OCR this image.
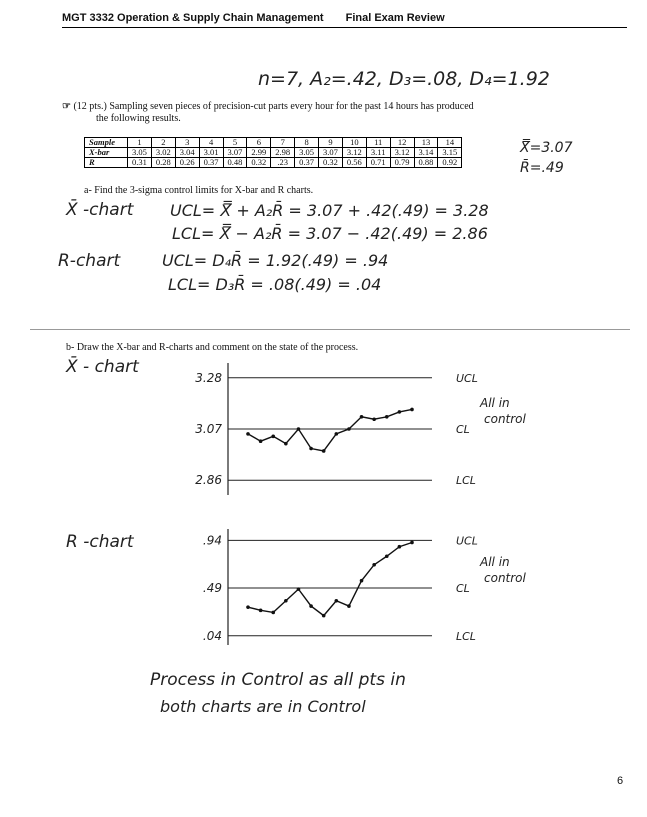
MGT 3332 Operation & Supply Chain Management Final Exam Review
n=7, A₂=.42, D₃=.08, D₄=1.92
☞ (12 pts.) Sampling seven pieces of precision-cut parts every hour for the past 14 hours has produced
the following results.
Sample	1	2	3	4	5	6	7	8	9	10	11	12	13	14
X-bar	3.05	3.02	3.04	3.01	3.07	2.99	2.98	3.05	3.07	3.12	3.11	3.12	3.14	3.15
R	0.31	0.28	0.26	0.37	0.48	0.32	.23	0.37	0.32	0.56	0.71	0.79	0.88	0.92
X̿=3.07
R̄=.49
a- Find the 3-sigma control limits for X-bar and R charts.
X̄ -chart UCL= X̿ + A₂R̄ = 3.07 + .42(.49) = 3.28
LCL= X̿ − A₂R̄ = 3.07 − .42(.49) = 2.86
R-chart	UCL= D₄R̄ = 1.92(.49) = .94
LCL= D₃R̄ = .08(.49) = .04
b- Draw the X-bar and R-charts and comment on the state of the process.
3.28	UCL
3.07	CL
2.86	LCL
All in
control
.94	UCL
.49	CL
.04	LCL
All in
control
X̄ - chart
R -chart
Process in Control as all pts in
both charts are in Control
6
